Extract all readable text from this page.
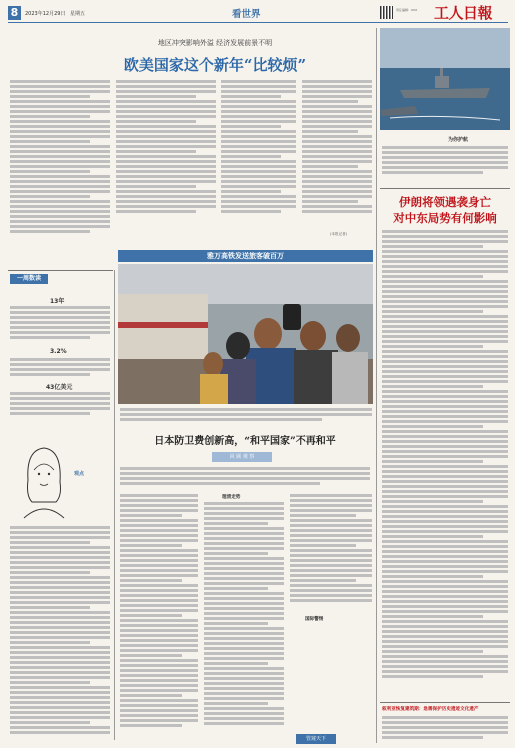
8	2023年12月29日 星期五	看世界	责任编辑：XXX	工人日報
地区冲突影响外溢 经济发展前景不明
欧美国家这个新年“比较烦”
(本报记者)
一周数读
13年
3.2%
43亿美元
观点
雅万高铁发送旅客破百万
日本防卫费创新高，“和平国家”不再和平
回 顾 观 察
理清走势
国际警惕
管窥天下
为你护航
伊朗将领遇袭身亡
对中东局势有何影响
叙利亚恢复建筑期：急需保护历史遗迹文化遗产
